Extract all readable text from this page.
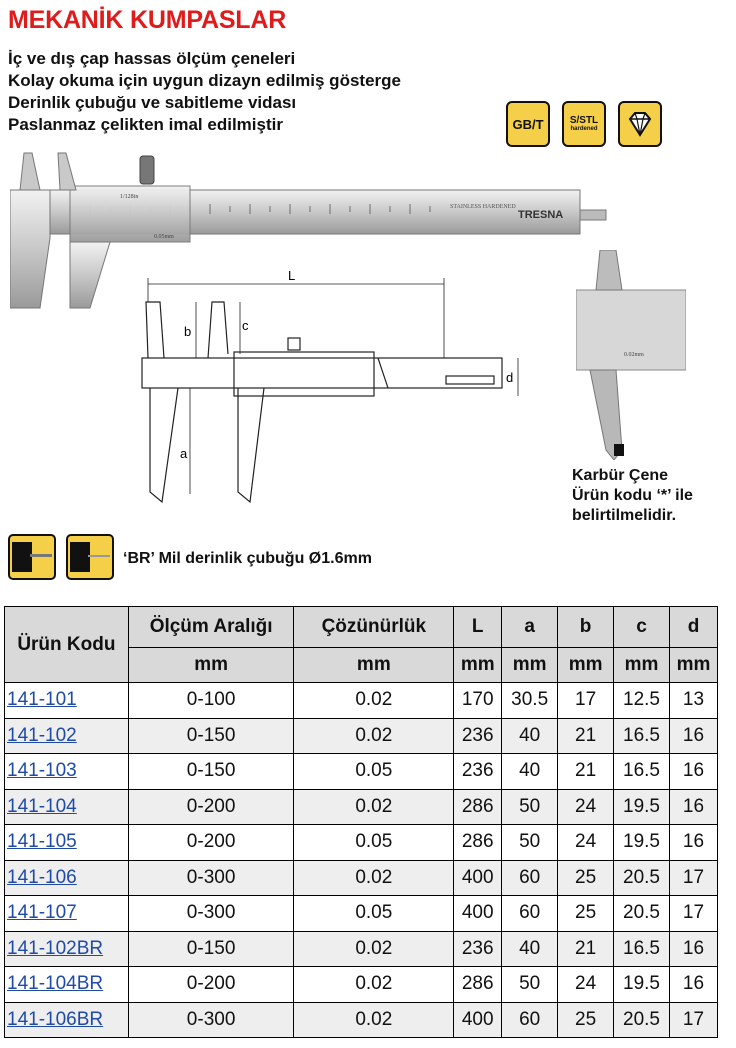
MEKANİK KUMPASLAR
İç ve dış çap hassas ölçüm çeneleri
Kolay okuma için uygun dizayn edilmiş gösterge
Derinlik çubuğu ve sabitleme vidası
Paslanmaz çelikten imal edilmiştir	GB/T	S/STL
hardened
TRESNA
STAINLESS HARDENED
1/128in
0.05mm
L
b	c
a
d
0.02mm
Karbür Çene
Ürün kodu ‘*’ ile
belirtilmelidir.
‘BR’ Mil derinlik çubuğu Ø1.6mm
Ürün Kodu	Ölçüm Aralığı	Çözünürlük	L	a	b	c	d
	mm	mm	mm	mm	mm	mm	mm
141-101	0-100	0.02	170	30.5	17	12.5	13
141-102	0-150	0.02	236	40	21	16.5	16
141-103	0-150	0.05	236	40	21	16.5	16
141-104	0-200	0.02	286	50	24	19.5	16
141-105	0-200	0.05	286	50	24	19.5	16
141-106	0-300	0.02	400	60	25	20.5	17
141-107	0-300	0.05	400	60	25	20.5	17
141-102BR	0-150	0.02	236	40	21	16.5	16
141-104BR	0-200	0.02	286	50	24	19.5	16
141-106BR	0-300	0.02	400	60	25	20.5	17
